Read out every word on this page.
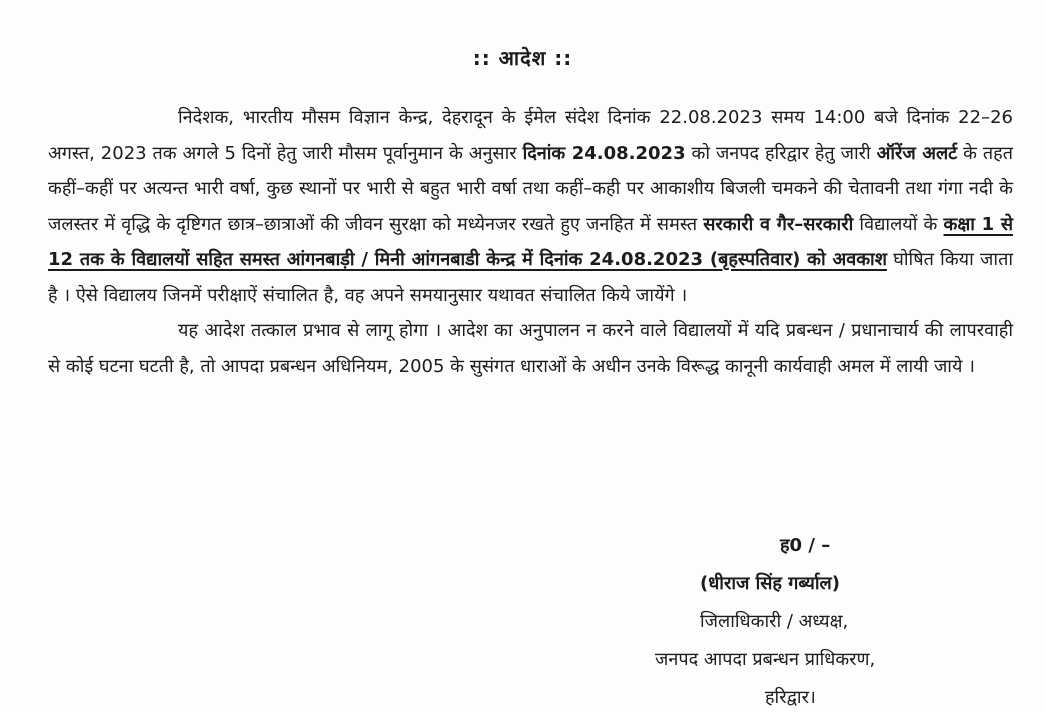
:: आदेश ::

निदेशक, भारतीय मौसम विज्ञान केन्द्र, देहरादून के ईमेल संदेश दिनांक 22.08.2023 समय 14:00 बजे दिनांक 22–26 अगस्त, 2023 तक अगले 5 दिनों हेतु जारी मौसम पूर्वानुमान के अनुसार दिनांक 24.08.2023 को जनपद हरिद्वार हेतु जारी ऑरेंज अलर्ट के तहत कहीं–कहीं पर अत्यन्त भारी वर्षा, कुछ स्थानों पर भारी से बहुत भारी वर्षा तथा कहीं–कही पर आकाशीय बिजली चमकने की चेतावनी तथा गंगा नदी के जलस्तर में वृद्धि के दृष्टिगत छात्र–छात्राओं की जीवन सुरक्षा को मध्येनजर रखते हुए जनहित में समस्त सरकारी व गैर–सरकारी विद्यालयों के कक्षा 1 से 12 तक के विद्यालयों सहित समस्त आंगनबाड़ी / मिनी आंगनबाडी केन्द्र में दिनांक 24.08.2023 (बृहस्पतिवार) को अवकाश घोषित किया जाता है । ऐसे विद्यालय जिनमें परीक्षाऐं संचालित है, वह अपने समयानुसार यथावत संचालित किये जायेंगे ।

यह आदेश तत्काल प्रभाव से लागू होगा । आदेश का अनुपालन न करने वाले विद्यालयों में यदि प्रबन्धन / प्रधानाचार्य की लापरवाही से कोई घटना घटती है, तो आपदा प्रबन्धन अधिनियम, 2005 के सुसंगत धाराओं के अधीन उनके विरूद्ध कानूनी कार्यवाही अमल में लायी जाये ।

ह0 / –
(धीराज सिंह गर्ब्याल)
जिलाधिकारी / अध्यक्ष,
जनपद आपदा प्रबन्धन प्राधिकरण,
हरिद्वार।
